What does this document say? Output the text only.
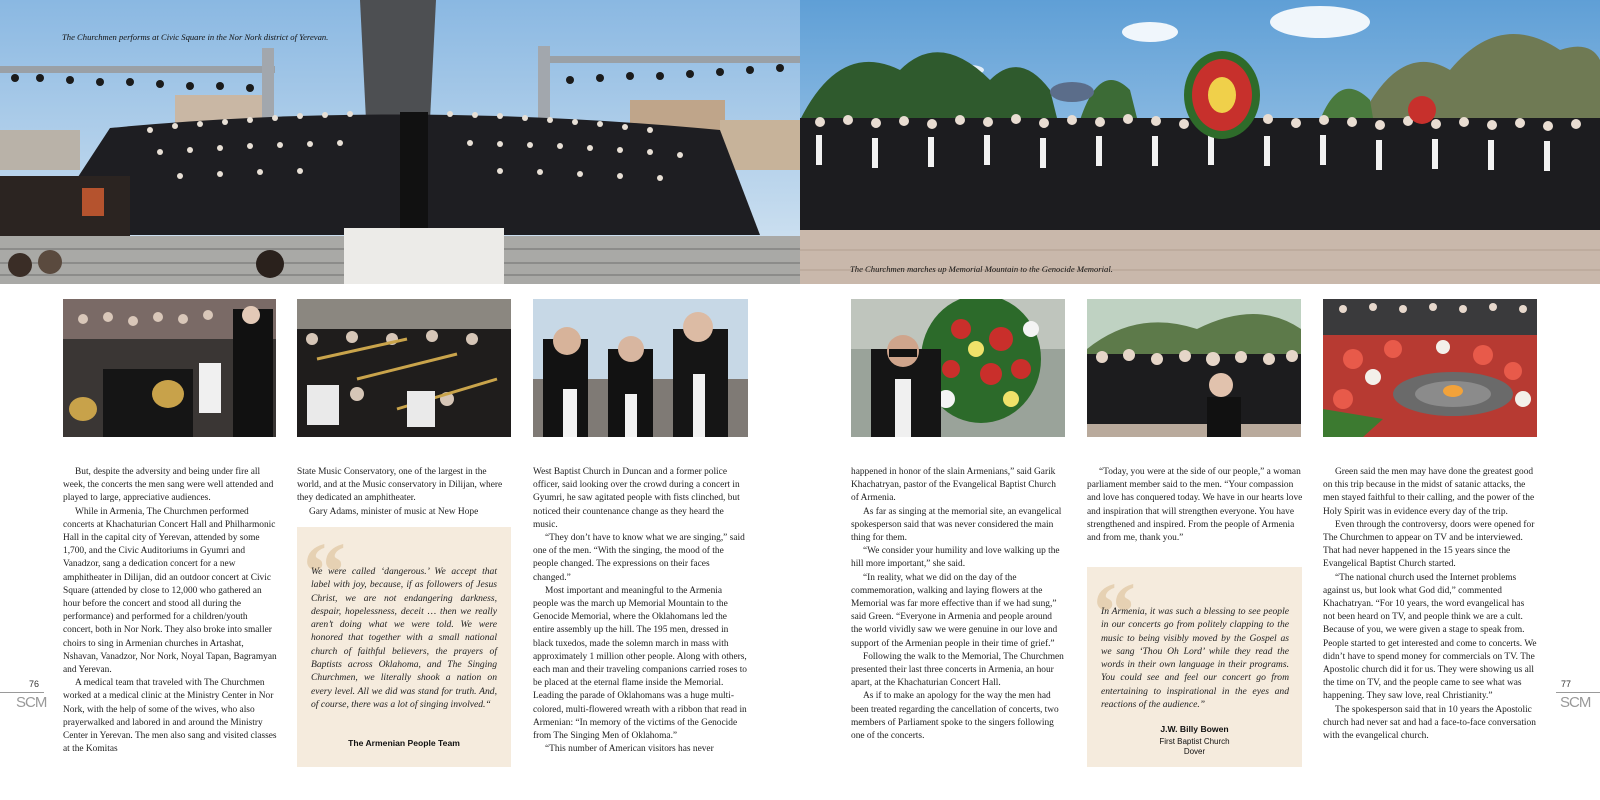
The Churchmen performs at Civic Square in the Nor Nork district of Yerevan.
The Churchmen marches up Memorial Mountain to the Genocide Memorial.

But, despite the adversity and being under fire all week, the concerts the men sang were well attended and played to large, appreciative audiences.

While in Armenia, The Churchmen performed concerts at Khachaturian Concert Hall and Philharmonic Hall in the capital city of Yerevan, attended by some 1,700, and the Civic Auditoriums in Gyumri and Vanadzor, sang a dedication concert for a new amphitheater in Dilijan, did an outdoor concert at Civic Square (attended by close to 12,000 who gathered an hour before the concert and stood all during the performance) and performed for a children/youth concert, both in Nor Nork. They also broke into smaller choirs to sing in Armenian churches in Artashat, Nshavan, Vanadzor, Nor Nork, Noyal Tapan, Bagramyan and Yerevan.

A medical team that traveled with The Churchmen worked at a medical clinic at the Ministry Center in Nor Nork, with the help of some of the wives, who also prayerwalked and labored in and around the Ministry Center in Yerevan. The men also sang and visited classes at the Komitas

State Music Conservatory, one of the largest in the world, and at the Music conservatory in Dilijan, where they dedicated an amphitheater.

Gary Adams, minister of music at New Hope

“
We were called ‘dangerous.’ We accept that label with joy, because, if as followers of Jesus Christ, we are not endangering darkness, despair, hopelessness, deceit … then we really aren’t doing what we were told. We were honored that together with a small national church of faithful believers, the prayers of Baptists across Oklahoma, and The Singing Churchmen, we literally shook a nation on every level. All we did was stand for truth. And, of course, there was a lot of singing involved.“
The Armenian People Team

West Baptist Church in Duncan and a former police officer, said looking over the crowd during a concert in Gyumri, he saw agitated people with fists clinched, but noticed their countenance change as they heard the music.

“They don’t have to know what we are singing,” said one of the men. “With the singing, the mood of the people changed. The expressions on their faces changed.”

Most important and meaningful to the Armenia people was the march up Memorial Mountain to the Genocide Memorial, where the Oklahomans led the entire assembly up the hill. The 195 men, dressed in black tuxedos, made the solemn march in mass with approximately 1 million other people. Along with others, each man and their traveling companions carried roses to be placed at the eternal flame inside the Memorial. Leading the parade of Oklahomans was a huge multi-colored, multi-flowered wreath with a ribbon that read in Armenian: “In memory of the victims of the Genocide from The Singing Men of Oklahoma.”

“This number of American visitors has never

happened in honor of the slain Armenians,” said Garik Khachatryan, pastor of the Evangelical Baptist Church of Armenia.

As far as singing at the memorial site, an evangelical spokesperson said that was never considered the main thing for them.

“We consider your humility and love walking up the hill more important,” she said.

“In reality, what we did on the day of the commemoration, walking and laying flowers at the Memorial was far more effective than if we had sung,” said Green. “Everyone in Armenia and people around the world vividly saw we were genuine in our love and support of the Armenian people in their time of grief.”

Following the walk to the Memorial, The Churchmen presented their last three concerts in Armenia, an hour apart, at the Khachaturian Concert Hall.

As if to make an apology for the way the men had been treated regarding the cancellation of concerts, two members of Parliament spoke to the singers following one of the concerts.

“Today, you were at the side of our people,” a woman parliament member said to the men. “Your compassion and love has conquered today. We have in our hearts love and inspiration that will strengthen everyone. You have strengthened and inspired. From the people of Armenia and from me, thank you.”

“
In Armenia, it was such a blessing to see people in our concerts go from politely clapping to the music to being visibly moved by the Gospel as we sang ‘Thou Oh Lord’ while they read the words in their own language in their programs. You could see and feel our concert go from entertaining to inspirational in the eyes and reactions of the audience.”
J.W. Billy Bowen
First Baptist Church
Dover

Green said the men may have done the greatest good on this trip because in the midst of satanic attacks, the men stayed faithful to their calling, and the power of the Holy Spirit was in evidence every day of the trip.

Even through the controversy, doors were opened for The Churchmen to appear on TV and be interviewed. That had never happened in the 15 years since the Evangelical Baptist Church started.

“The national church used the Internet problems against us, but look what God did,” commented Khachatryan. “For 10 years, the word evangelical has not been heard on TV, and people think we are a cult. Because of you, we were given a stage to speak from. People started to get interested and come to concerts. We didn’t have to spend money for commercials on TV. The Apostolic church did it for us. They were showing us all the time on TV, and the people came to see what was happening. They saw love, real Christianity.”

The spokesperson said that in 10 years the Apostolic church had never sat and had a face-to-face conversation with the evangelical church.

76
SCM
77
SCM
